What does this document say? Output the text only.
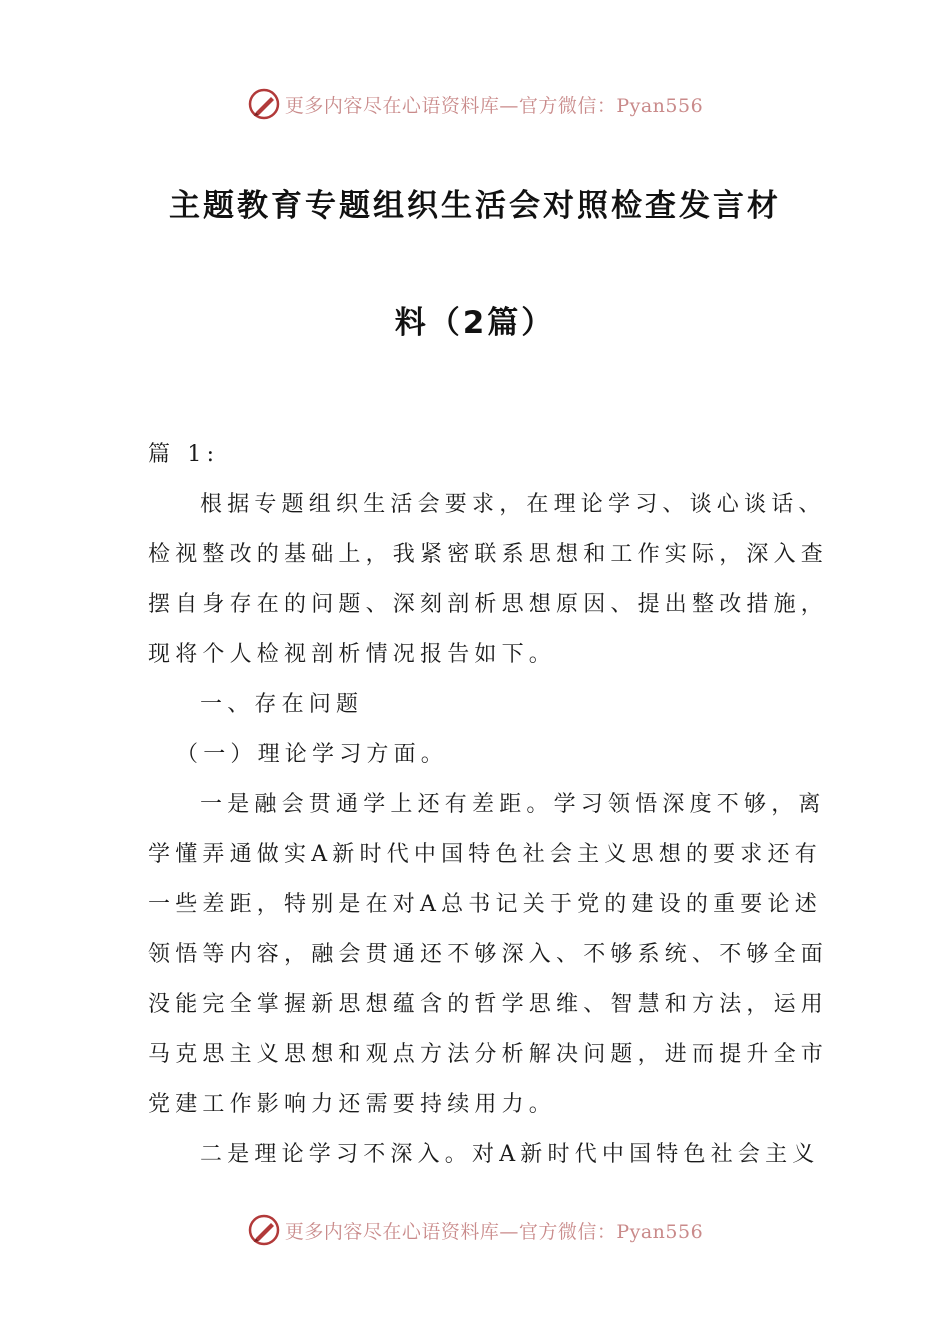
更多内容尽在心语资料库—官方微信：Pyan556
主题教育专题组织生活会对照检查发言材
料（2篇）
篇 1:
根据专题组织生活会要求，在理论学习、谈心谈话、
检视整改的基础上，我紧密联系思想和工作实际，深入查
摆自身存在的问题、深刻剖析思想原因、提出整改措施，
现将个人检视剖析情况报告如下。
一、存在问题
（一）理论学习方面。
一是融会贯通学上还有差距。学习领悟深度不够，离
学懂弄通做实A新时代中国特色社会主义思想的要求还有
一些差距，特别是在对A总书记关于党的建设的重要论述
领悟等内容，融会贯通还不够深入、不够系统、不够全面
没能完全掌握新思想蕴含的哲学思维、智慧和方法，运用
马克思主义思想和观点方法分析解决问题，进而提升全市
党建工作影响力还需要持续用力。
二是理论学习不深入。对A新时代中国特色社会主义
更多内容尽在心语资料库—官方微信：Pyan556
